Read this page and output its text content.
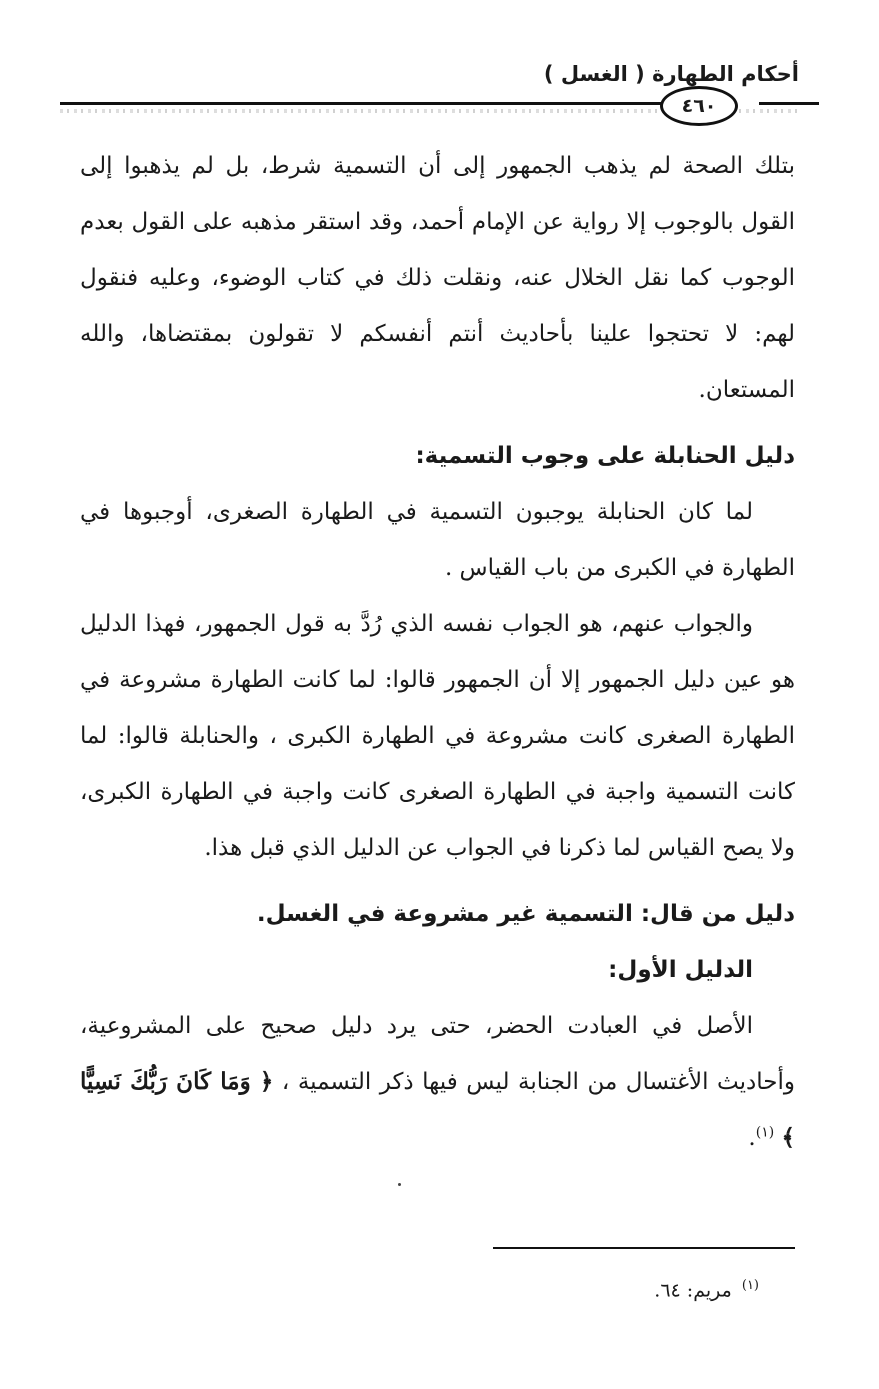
أحكام الطهارة ( الغسل )
٤٦٠

بتلك الصحة لم يذهب الجمهور إلى أن التسمية شرط، بل لم يذهبوا إلى القول بالوجوب إلا رواية عن الإمام أحمد، وقد استقر مذهبه على القول بعدم الوجوب كما نقل الخلال عنه، ونقلت ذلك في كتاب الوضوء، وعليه فنقول لهم: لا تحتجوا علينا بأحاديث أنتم أنفسكم لا تقولون بمقتضاها، والله المستعان.

دليل الحنابلة على وجوب التسمية:

لما كان الحنابلة يوجبون التسمية في الطهارة الصغرى، أوجبوها في الطهارة في الكبرى من باب القياس .

والجواب عنهم، هو الجواب نفسه الذي رُدَّ به قول الجمهور، فهذا الدليل هو عين دليل الجمهور إلا أن الجمهور قالوا: لما كانت الطهارة مشروعة في الطهارة الصغرى كانت مشروعة في الطهارة الكبرى ، والحنابلة قالوا: لما كانت التسمية واجبة في الطهارة الصغرى كانت واجبة في الطهارة الكبرى، ولا يصح القياس لما ذكرنا في الجواب عن الدليل الذي قبل هذا.

دليل من قال: التسمية غير مشروعة في الغسل.

الدليل الأول:

الأصل في العبادت الحضر، حتى يرد دليل صحيح على المشروعية، وأحاديث الأغتسال من الجنابة ليس فيها ذكر التسمية ، ﴿ وَمَا كَانَ رَبُّكَ نَسِيًّا ﴾ $^{(١)}$.

$^{(١)}$ مريم: ٦٤.
